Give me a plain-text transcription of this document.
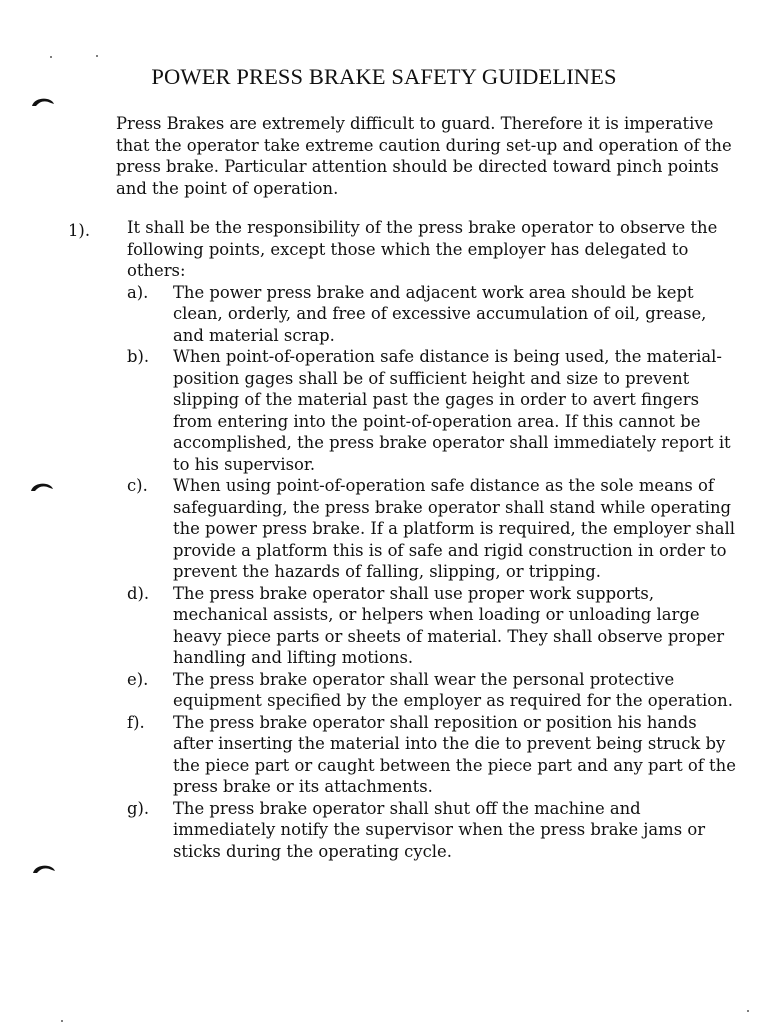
POWER PRESS BRAKE SAFETY GUIDELINES

Press Brakes are extremely difficult to guard. Therefore it is imperative that the operator take extreme caution during set-up and operation of the press brake. Particular attention should be directed toward pinch points and the point of operation.

1). It shall be the responsibility of the press brake operator to observe the following points, except those which the employer has delegated to others:
a). The power press brake and adjacent work area should be kept clean, orderly, and free of excessive accumulation of oil, grease, and material scrap.
b). When point-of-operation safe distance is being used, the material-position gages shall be of sufficient height and size to prevent slipping of the material past the gages in order to avert fingers from entering into the point-of-operation area. If this cannot be accomplished, the press brake operator shall immediately report it to his supervisor.
c). When using point-of-operation safe distance as the sole means of safeguarding, the press brake operator shall stand while operating the power press brake. If a platform is required, the employer shall provide a platform this is of safe and rigid construction in order to prevent the hazards of falling, slipping, or tripping.
d). The press brake operator shall use proper work supports, mechanical assists, or helpers when loading or unloading large heavy piece parts or sheets of material. They shall observe proper handling and lifting motions.
e). The press brake operator shall wear the personal protective equipment specified by the employer as required for the operation.
f). The press brake operator shall reposition or position his hands after inserting the material into the die to prevent being struck by the piece part or caught between the piece part and any part of the press brake or its attachments.
g). The press brake operator shall shut off the machine and immediately notify the supervisor when the press brake jams or sticks during the operating cycle.
